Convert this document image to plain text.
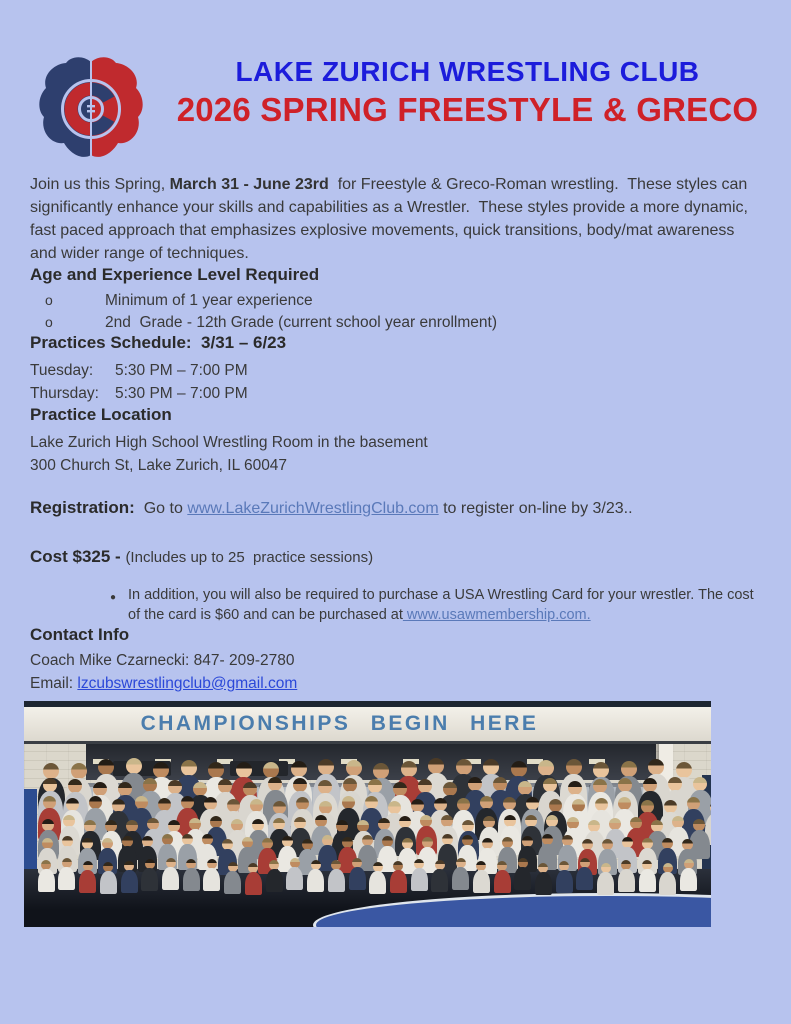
LAKE ZURICH WRESTLING CLUB
2026 SPRING FREESTYLE & GRECO

Join us this Spring, March 31 - June 23rd  for Freestyle & Greco-Roman wrestling.  These styles can significantly enhance your skills and capabilities as a Wrestler.  These styles provide a more dynamic, fast paced approach that emphasizes explosive movements, quick transitions, body/mat awareness and wider range of techniques.

Age and Experience Level Required
o	Minimum of 1 year experience
o	2nd  Grade - 12th Grade (current school year enrollment)
Practices Schedule:  3/31 – 6/23
Tuesday:	5:30 PM – 7:00 PM
Thursday:	5:30 PM – 7:00 PM
Practice Location
Lake Zurich High School Wrestling Room in the basement
300 Church St, Lake Zurich, IL 60047

Registration:  Go to www.LakeZurichWrestlingClub.com to register on-line by 3/23..

Cost $325 - (Includes up to 25  practice sessions)

● In addition, you will also be required to purchase a USA Wrestling Card for your wrestler. The cost of the card is $60 and can be purchased at www.usawmembership.com.
Contact Info
Coach Mike Czarnecki: 847- 209-2780
Email: lzcubswrestlingclub@gmail.com
CHAMPIONSHIPS BEGIN HERE
